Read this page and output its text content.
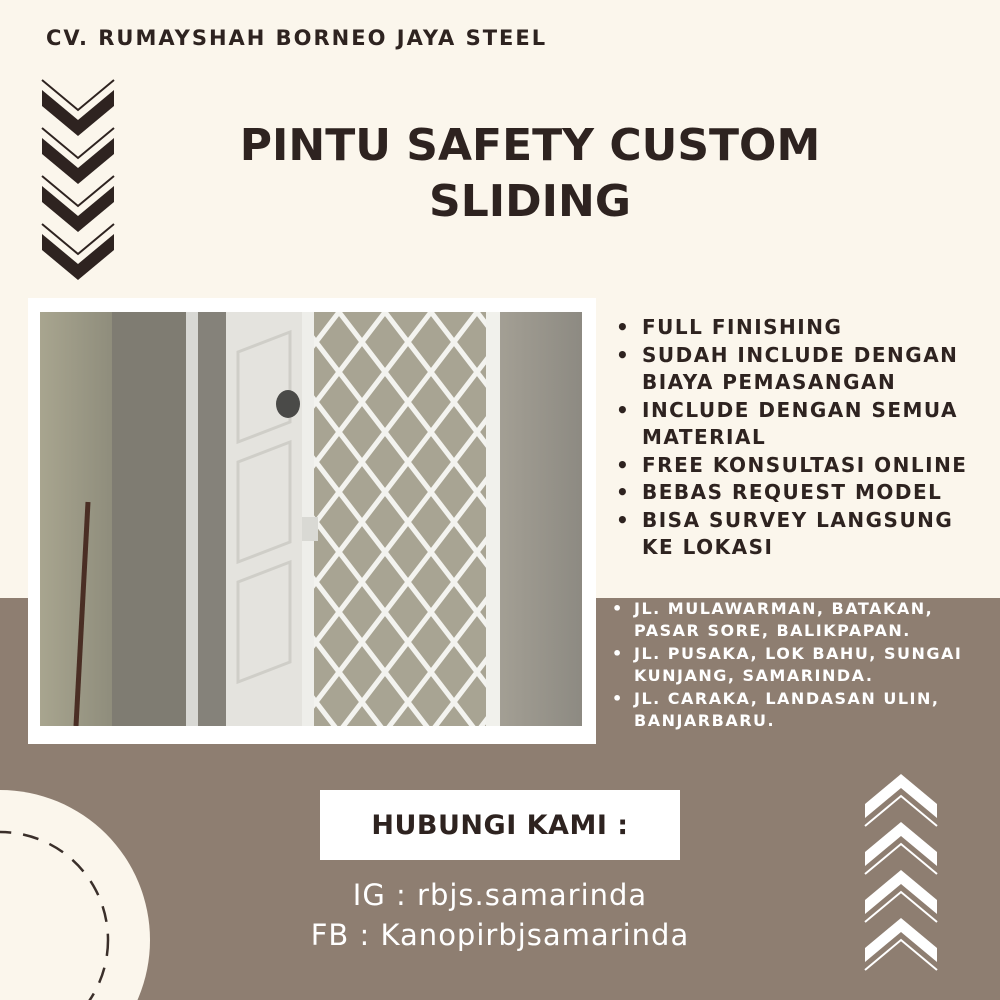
CV. RUMAYSHAH BORNEO JAYA STEEL
PINTU SAFETY CUSTOM
SLIDING
• FULL FINISHING
• SUDAH INCLUDE DENGAN BIAYA PEMASANGAN
• INCLUDE DENGAN SEMUA MATERIAL
• FREE KONSULTASI ONLINE
• BEBAS REQUEST MODEL
• BISA SURVEY LANGSUNG KE LOKASI
• JL. MULAWARMAN, BATAKAN, PASAR SORE, BALIKPAPAN.
• JL. PUSAKA, LOK BAHU, SUNGAI KUNJANG, SAMARINDA.
• JL. CARAKA, LANDASAN ULIN, BANJARBARU.
HUBUNGI KAMI :
IG : rbjs.samarinda
FB : Kanopirbjsamarinda
